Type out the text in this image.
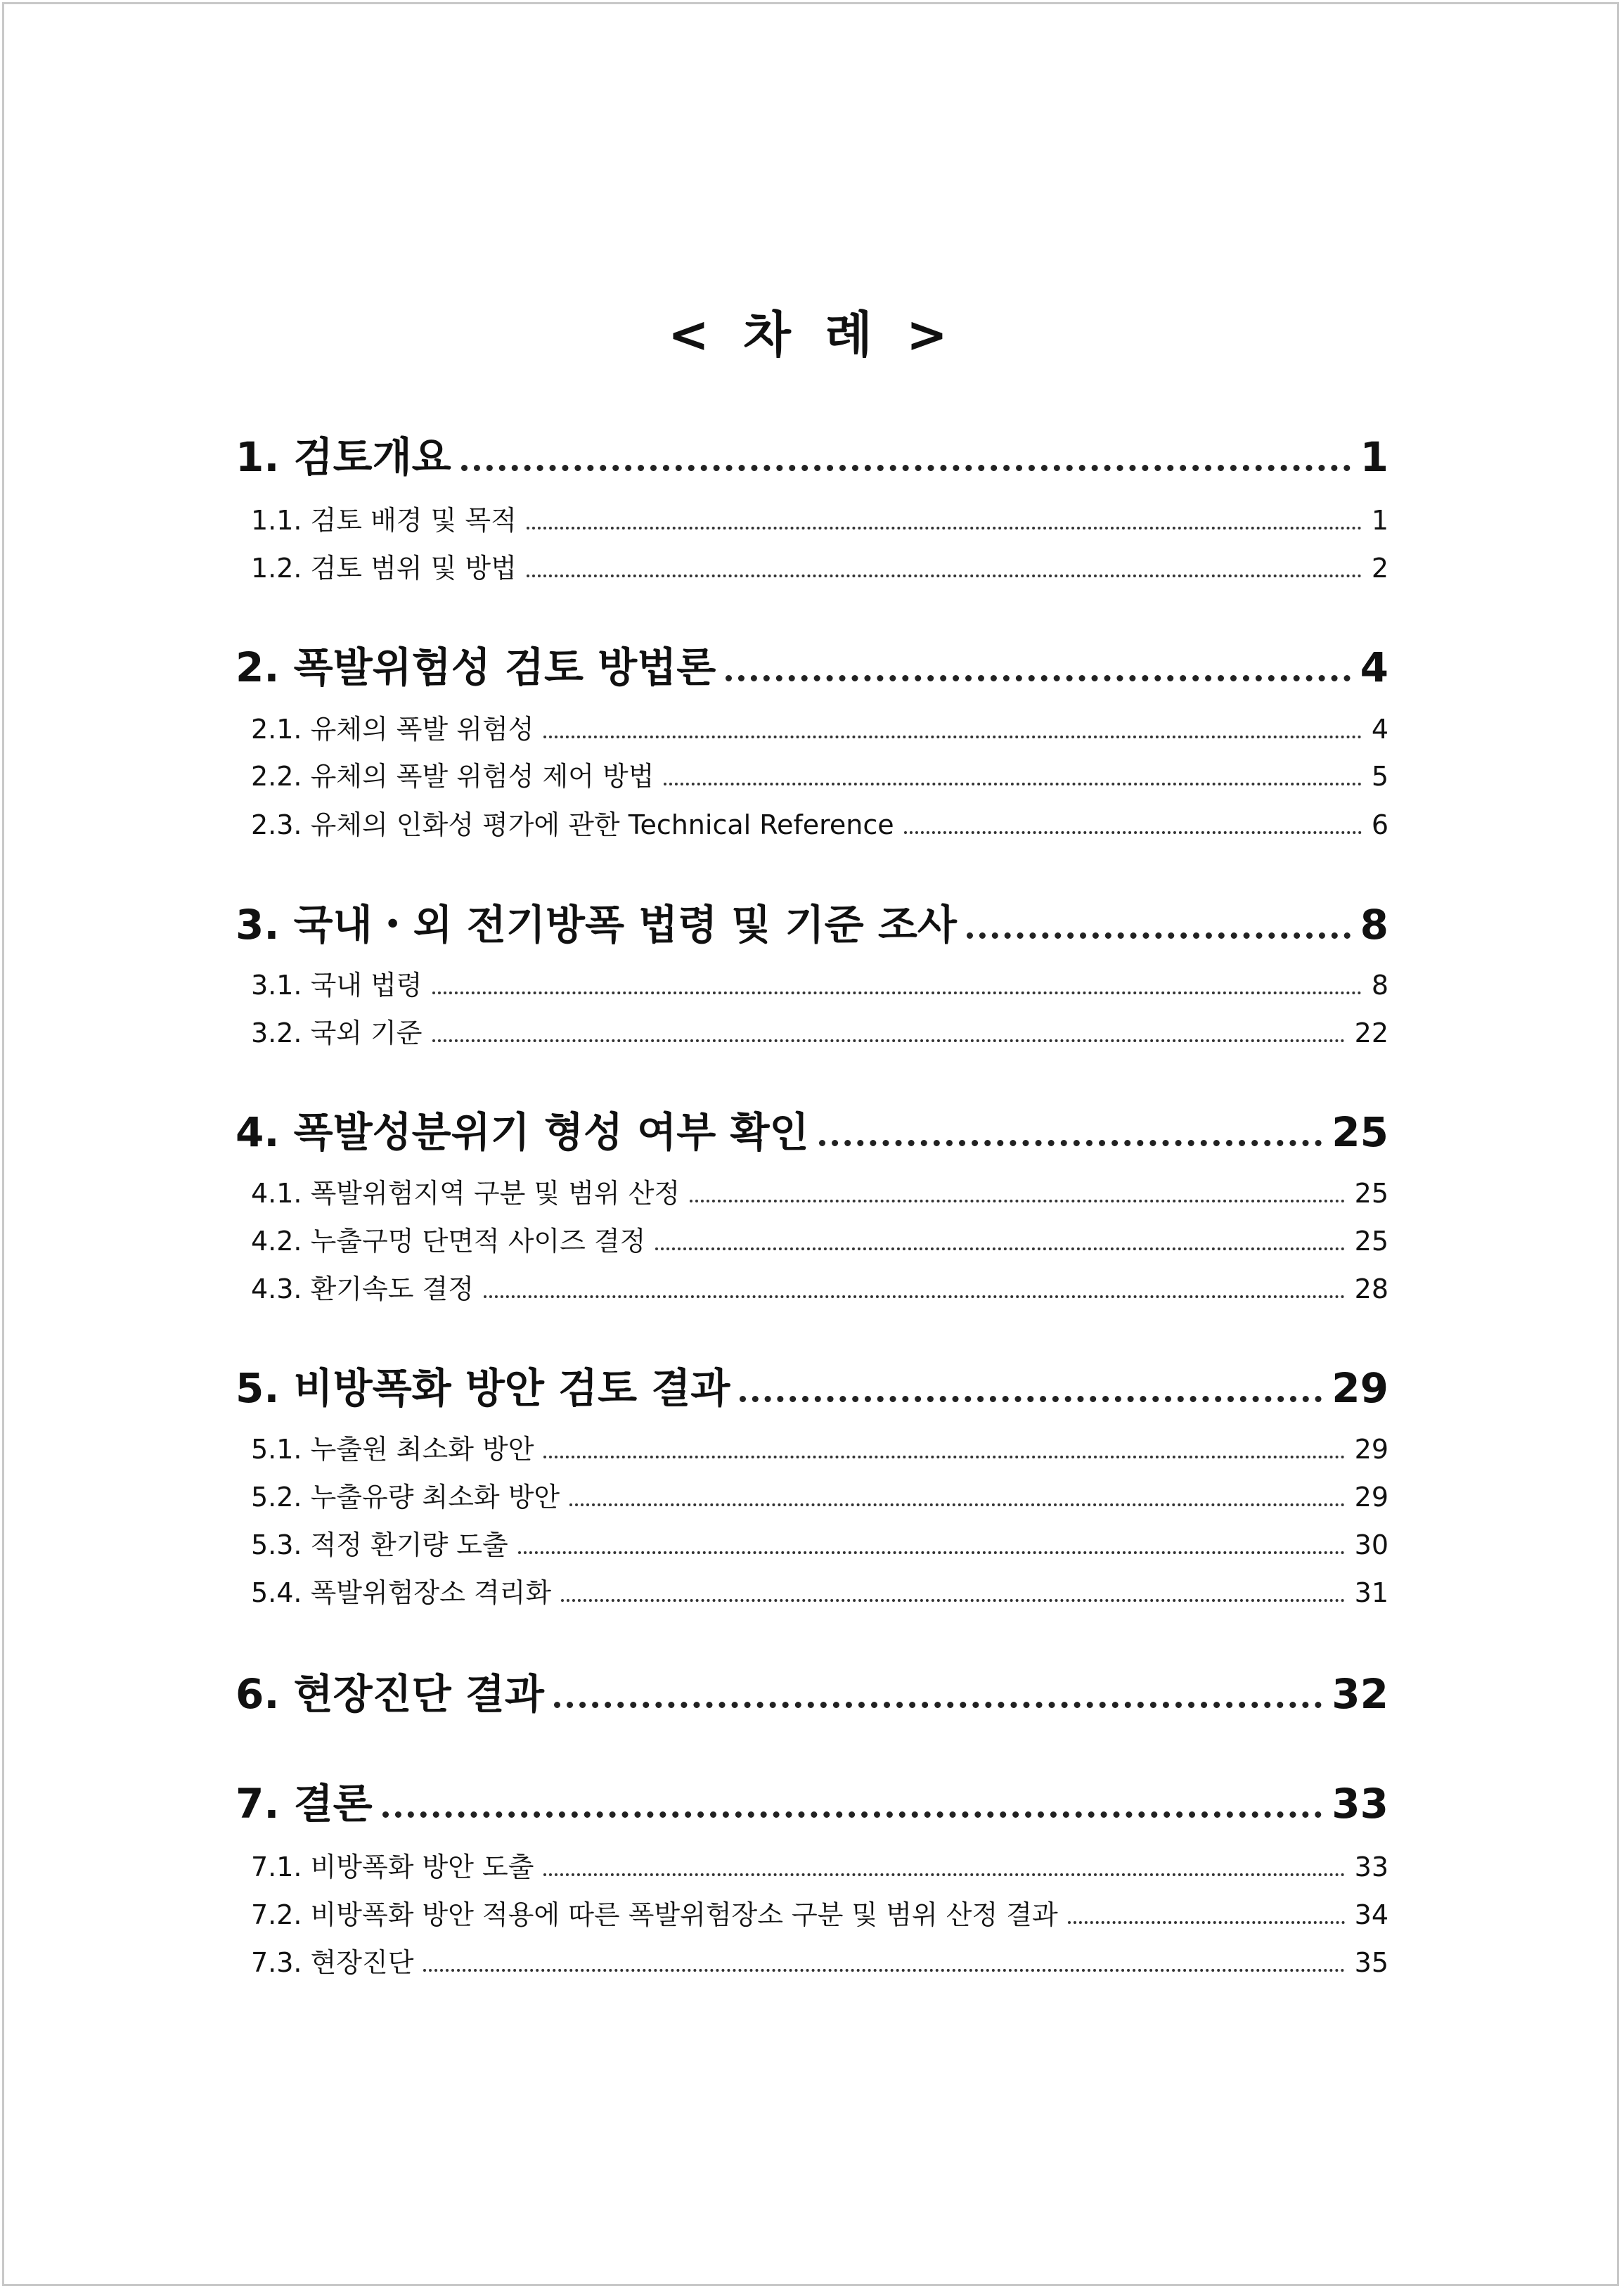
< 차 례 >
1. 검토개요	1
1.1. 검토 배경 및 목적	1
1.2. 검토 범위 및 방법	2
2. 폭발위험성 검토 방법론	4
2.1. 유체의 폭발 위험성	4
2.2. 유체의 폭발 위험성 제어 방법	5
2.3. 유체의 인화성 평가에 관한 Technical Reference	6
3. 국내・외 전기방폭 법령 및 기준 조사	8
3.1. 국내 법령	8
3.2. 국외 기준	22
4. 폭발성분위기 형성 여부 확인	25
4.1. 폭발위험지역 구분 및 범위 산정	25
4.2. 누출구멍 단면적 사이즈 결정	25
4.3. 환기속도 결정	28
5. 비방폭화 방안 검토 결과	29
5.1. 누출원 최소화 방안	29
5.2. 누출유량 최소화 방안	29
5.3. 적정 환기량 도출	30
5.4. 폭발위험장소 격리화	31
6. 현장진단 결과	32
7. 결론	33
7.1. 비방폭화 방안 도출	33
7.2. 비방폭화 방안 적용에 따른 폭발위험장소 구분 및 범위 산정 결과	34
7.3. 현장진단	35
